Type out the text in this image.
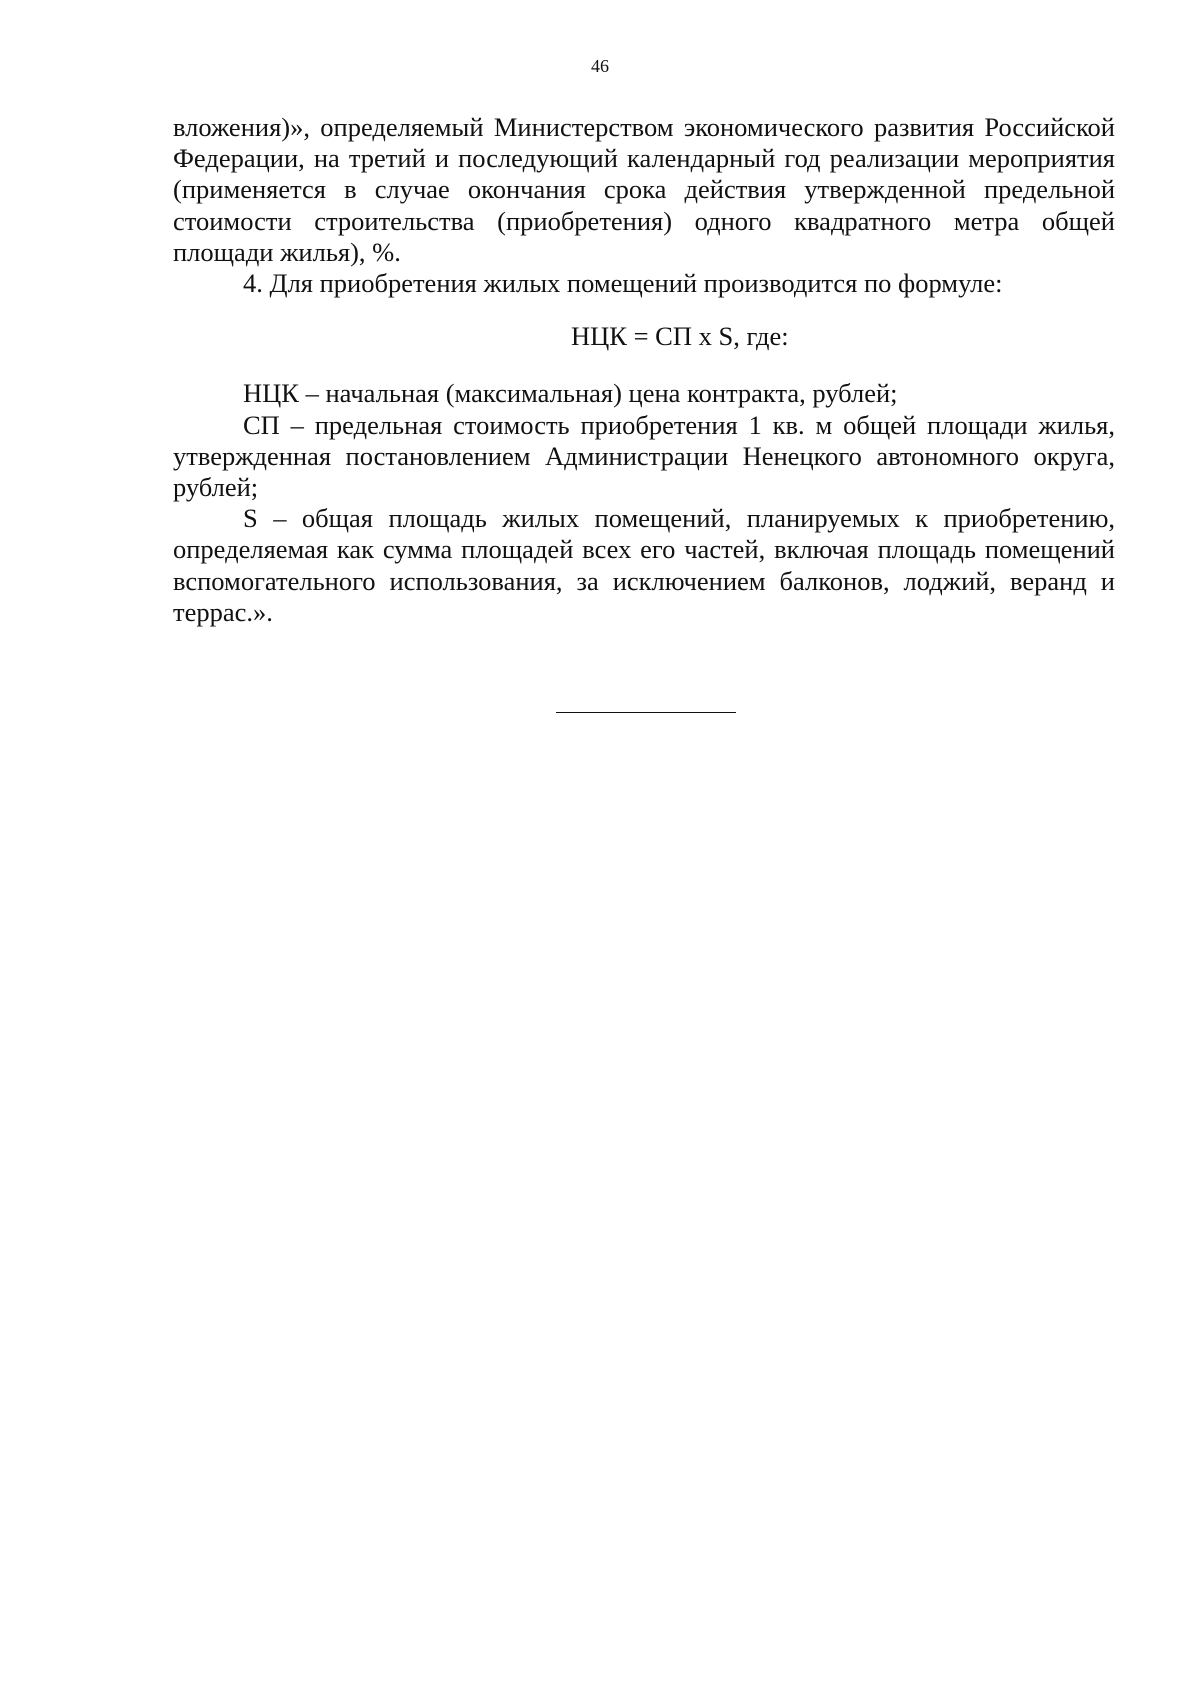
46

вложения)», определяемый Министерством экономического развития Российской Федерации, на третий и последующий календарный год реализации мероприятия (применяется в случае окончания срока действия утвержденной предельной стоимости строительства (приобретения) одного квадратного метра общей площади жилья), %.

4. Для приобретения жилых помещений производится по формуле:

НЦК = СП х S, где:

НЦК – начальная (максимальная) цена контракта, рублей;

СП – предельная стоимость приобретения 1 кв. м общей площади жилья, утвержденная постановлением Администрации Ненецкого автономного округа, рублей;

S – общая площадь жилых помещений, планируемых к приобретению, определяемая как сумма площадей всех его частей, включая площадь помещений вспомогательного использования, за исключением балконов, лоджий, веранд и террас.».
